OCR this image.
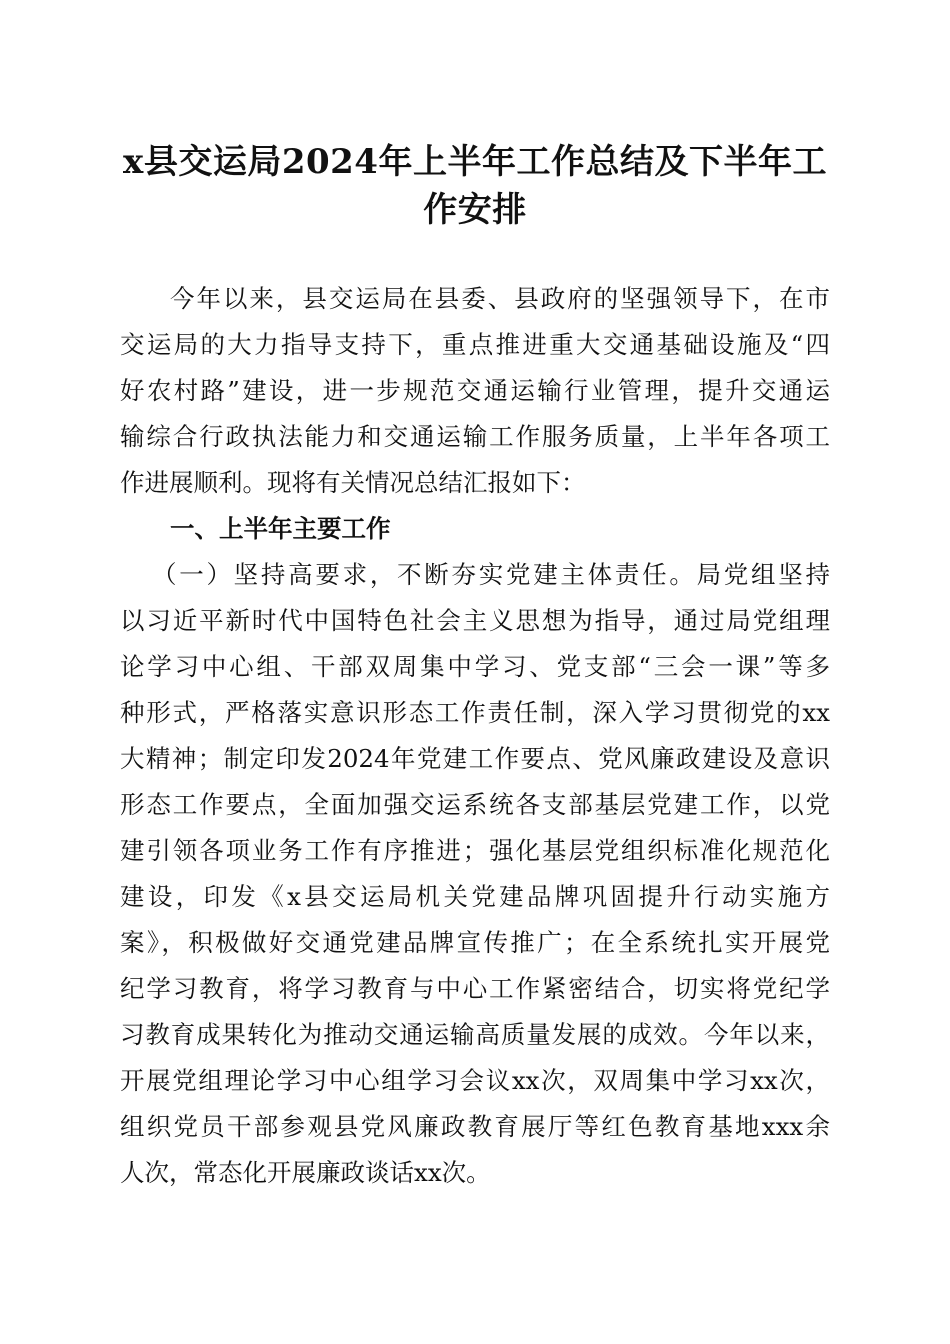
x县交运局2024年上半年工作总结及下半年工
作安排
今年以来，县交运局在县委、县政府的坚强领导下，在市
交运局的大力指导支持下，重点推进重大交通基础设施及“四
好农村路”建设，进一步规范交通运输行业管理，提升交通运
输综合行政执法能力和交通运输工作服务质量，上半年各项工
作进展顺利。现将有关情况总结汇报如下：
一、上半年主要工作
（一）坚持高要求，不断夯实党建主体责任。局党组坚持
以习近平新时代中国特色社会主义思想为指导，通过局党组理
论学习中心组、干部双周集中学习、党支部“三会一课”等多
种形式，严格落实意识形态工作责任制，深入学习贯彻党的xx
大精神；制定印发2024年党建工作要点、党风廉政建设及意识
形态工作要点，全面加强交运系统各支部基层党建工作，以党
建引领各项业务工作有序推进；强化基层党组织标准化规范化
建设，印发《x县交运局机关党建品牌巩固提升行动实施方
案》，积极做好交通党建品牌宣传推广；在全系统扎实开展党
纪学习教育，将学习教育与中心工作紧密结合，切实将党纪学
习教育成果转化为推动交通运输高质量发展的成效。今年以来，
开展党组理论学习中心组学习会议xx次，双周集中学习xx次，
组织党员干部参观县党风廉政教育展厅等红色教育基地xxx余
人次，常态化开展廉政谈话xx次。
